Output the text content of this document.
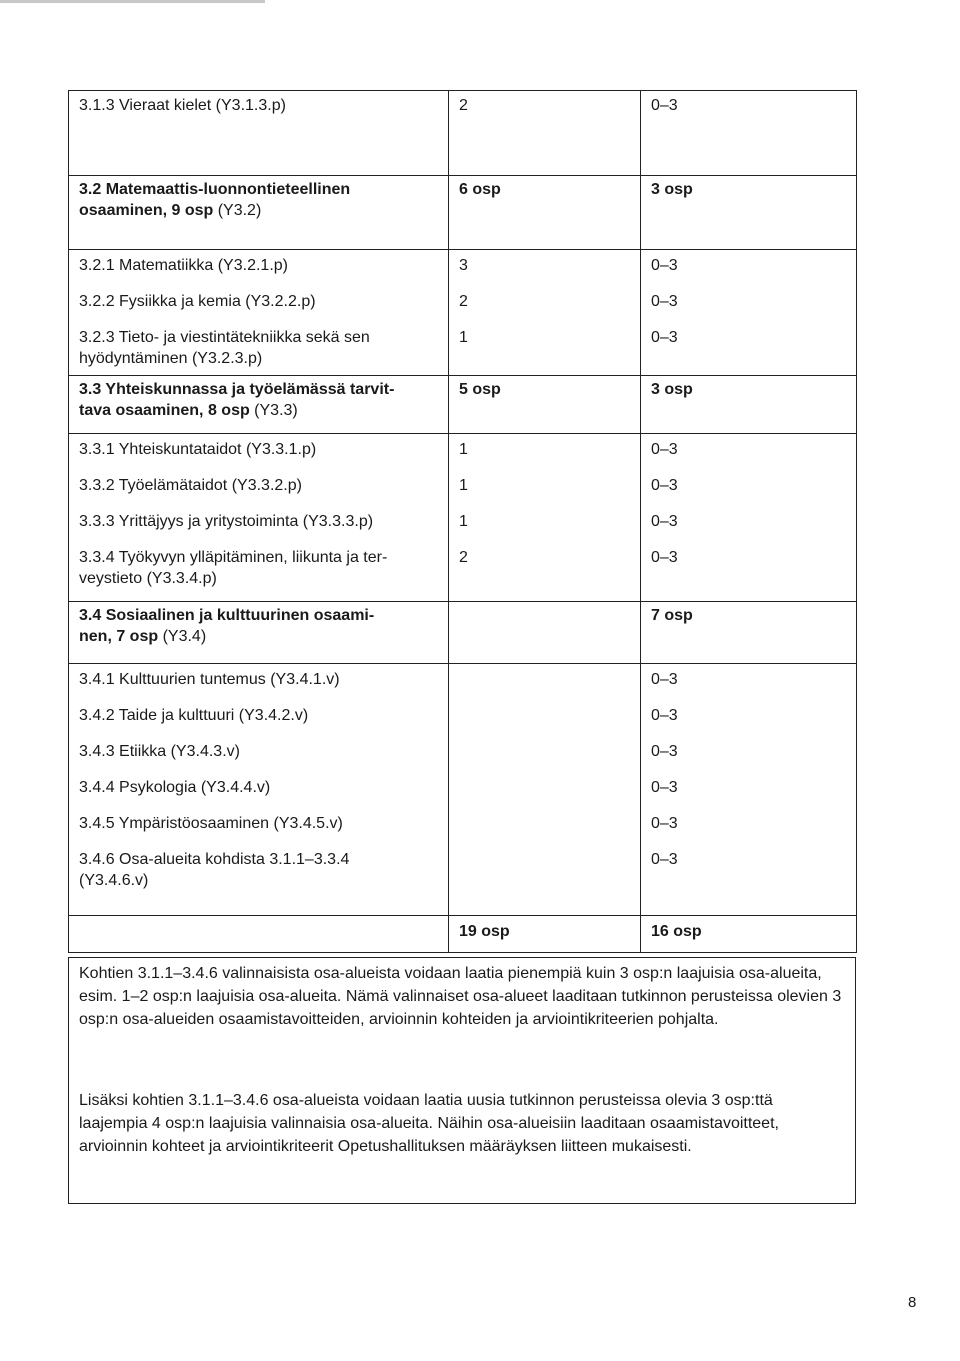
3.1.3 Vieraat kielet (Y3.1.3.p)	2	0–3
3.2 Matemaattis-luonnontieteellinen
osaaminen, 9 osp (Y3.2)	6 osp	3 osp
3.2.1 Matematiikka (Y3.2.1.p)	3	0–3
3.2.2 Fysiikka ja kemia (Y3.2.2.p)	2	0–3
3.2.3 Tieto- ja viestintätekniikka sekä sen
hyödyntäminen (Y3.2.3.p)	1	0–3
3.3 Yhteiskunnassa ja työelämässä tarvit-
tava osaaminen, 8 osp (Y3.3)	5 osp	3 osp
3.3.1 Yhteiskuntataidot (Y3.3.1.p)	1	0–3
3.3.2 Työelämätaidot (Y3.3.2.p)	1	0–3
3.3.3 Yrittäjyys ja yritystoiminta (Y3.3.3.p)	1	0–3
3.3.4 Työkyvyn ylläpitäminen, liikunta ja ter-
veystieto (Y3.3.4.p)	2	0–3
3.4 Sosiaalinen ja kulttuurinen osaami-
nen, 7 osp (Y3.4)		7 osp
3.4.1 Kulttuurien tuntemus (Y3.4.1.v)		0–3
3.4.2 Taide ja kulttuuri (Y3.4.2.v)		0–3
3.4.3 Etiikka (Y3.4.3.v)		0–3
3.4.4 Psykologia (Y3.4.4.v)		0–3
3.4.5 Ympäristöosaaminen (Y3.4.5.v)		0–3
3.4.6 Osa-alueita kohdista 3.1.1–3.3.4
(Y3.4.6.v)		0–3
	19 osp	16 osp

Kohtien 3.1.1–3.4.6 valinnaisista osa-alueista voidaan laatia pienempiä kuin 3 osp:n laajuisia osa-alueita, esim. 1–2 osp:n laajuisia osa-alueita. Nämä valinnaiset osa-alueet laaditaan tutkinnon perusteissa olevien 3 osp:n osa-alueiden osaamistavoitteiden, arvioinnin kohteiden ja arviointikriteerien pohjalta.

Lisäksi kohtien 3.1.1–3.4.6 osa-alueista voidaan laatia uusia tutkinnon perusteissa olevia 3 osp:ttä laajempia 4 osp:n laajuisia valinnaisia osa-alueita. Näihin osa-alueisiin laaditaan osaamistavoitteet, arvioinnin kohteet ja arviointikriteerit Opetushallituksen määräyksen liitteen mukaisesti.

8
